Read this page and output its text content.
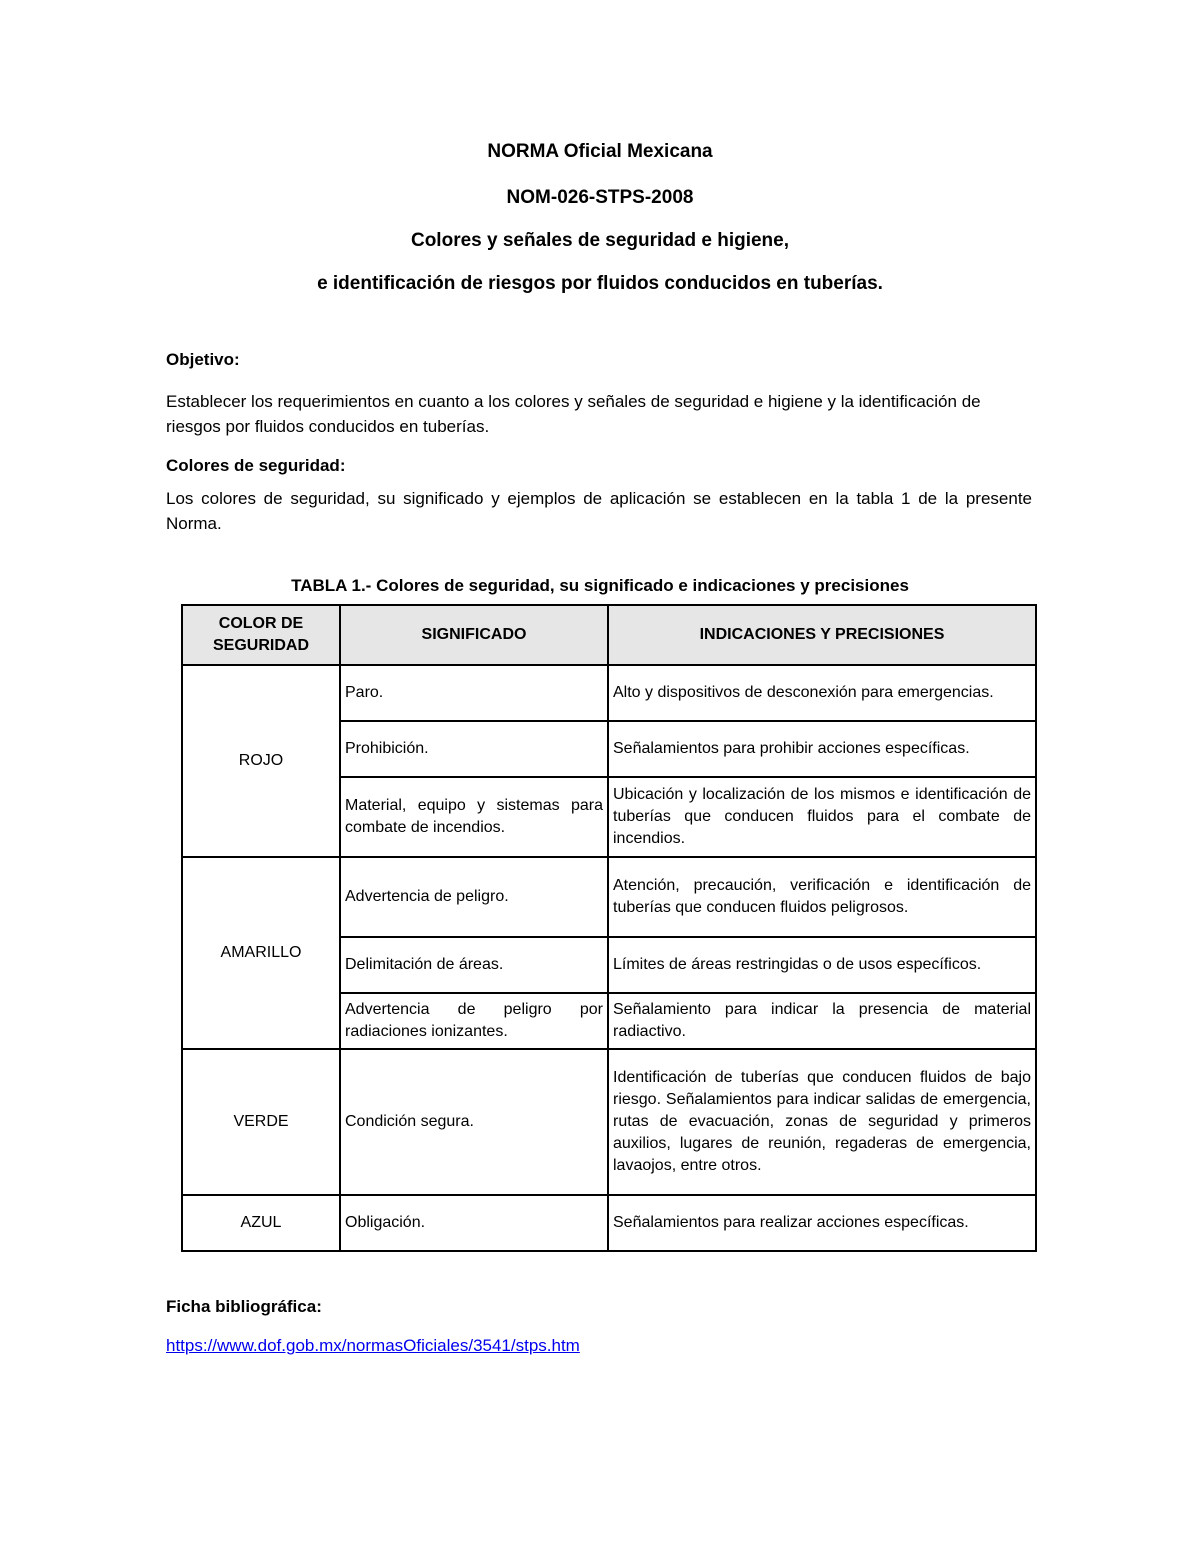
NORMA Oficial Mexicana
NOM-026-STPS-2008
Colores y señales de seguridad e higiene,
e identificación de riesgos por fluidos conducidos en tuberías.
Objetivo:
Establecer los requerimientos en cuanto a los colores y señales de seguridad e higiene y la identificación de riesgos por fluidos conducidos en tuberías.
Colores de seguridad:
Los colores de seguridad, su significado y ejemplos de aplicación se establecen en la tabla 1 de la presente Norma.
TABLA 1.- Colores de seguridad, su significado e indicaciones y precisiones
COLOR DE SEGURIDAD	SIGNIFICADO	INDICACIONES Y PRECISIONES
ROJO	Paro.	Alto y dispositivos de desconexión para emergencias.
	Prohibición.	Señalamientos para prohibir acciones específicas.
	Material, equipo y sistemas para combate de incendios.	Ubicación y localización de los mismos e identificación de tuberías que conducen fluidos para el combate de incendios.
AMARILLO	Advertencia de peligro.	Atención, precaución, verificación e identificación de tuberías que conducen fluidos peligrosos.
	Delimitación de áreas.	Límites de áreas restringidas o de usos específicos.
	Advertencia de peligro por radiaciones ionizantes.	Señalamiento para indicar la presencia de material radiactivo.
VERDE	Condición segura.	Identificación de tuberías que conducen fluidos de bajo riesgo. Señalamientos para indicar salidas de emergencia, rutas de evacuación, zonas de seguridad y primeros auxilios, lugares de reunión, regaderas de emergencia, lavaojos, entre otros.
AZUL	Obligación.	Señalamientos para realizar acciones específicas.
Ficha bibliográfica:
https://www.dof.gob.mx/normasOficiales/3541/stps.htm
